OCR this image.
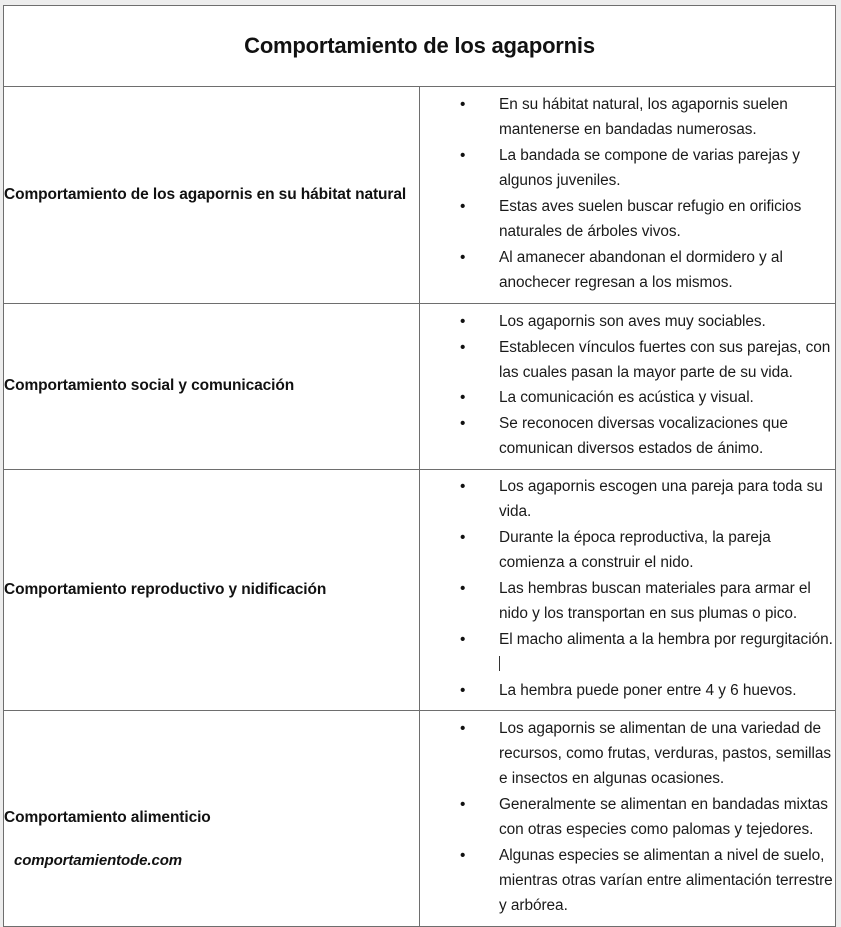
Comportamiento de los agapornis	

Comportamiento de los agapornis en su hábitat natural

•	En su hábitat natural, los agapornis suelen mantenerse en bandadas numerosas.
•	La bandada se compone de varias parejas y algunos juveniles.
•	Estas aves suelen buscar refugio en orificios naturales de árboles vivos.
•	Al amanecer abandonan el dormidero y al anochecer regresan a los mismos.

Comportamiento social y comunicación

•	Los agapornis son aves muy sociables.
•	Establecen vínculos fuertes con sus parejas, con las cuales pasan la mayor parte de su vida.
•	La comunicación es acústica y visual.
•	Se reconocen diversas vocalizaciones que comunican diversos estados de ánimo.

Comportamiento reproductivo y nidificación

•	Los agapornis escogen una pareja para toda su vida.
•	Durante la época reproductiva, la pareja comienza a construir el nido.
•	Las hembras buscan materiales para armar el nido y los transportan en sus plumas o pico.
•	El macho alimenta a la hembra por regurgitación.
•	La hembra puede poner entre 4 y 6 huevos.

Comportamiento alimenticio

•	Los agapornis se alimentan de una variedad de recursos, como frutas, verduras, pastos, semillas e insectos en algunas ocasiones.
•	Generalmente se alimentan en bandadas mixtas con otras especies como palomas y tejedores.
•	Algunas especies se alimentan a nivel de suelo, mientras otras varían entre alimentación terrestre y arbórea.
comportamientode.com
